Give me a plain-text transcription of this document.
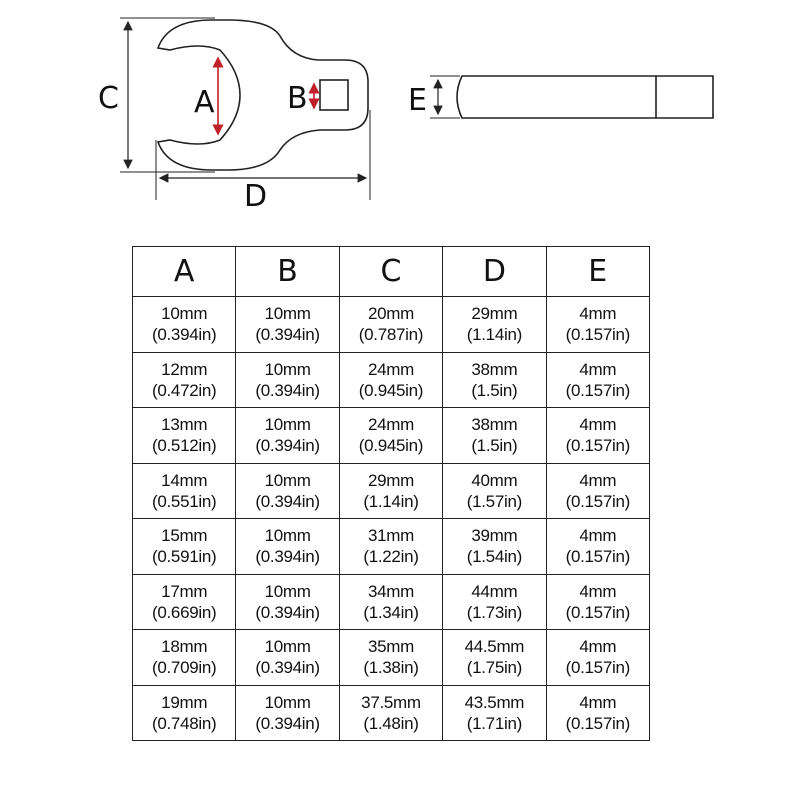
C	A B
D
E
A	B	C	D	E

10mm
(0.394in)	10mm
(0.394in)	20mm
(0.787in)	29mm
(1.14in)	4mm
(0.157in)

12mm
(0.472in)	10mm
(0.394in)	24mm
(0.945in)	38mm
(1.5in)	4mm
(0.157in)

13mm
(0.512in)	10mm
(0.394in)	24mm
(0.945in)	38mm
(1.5in)	4mm
(0.157in)

14mm
(0.551in)	10mm
(0.394in)	29mm
(1.14in)	40mm
(1.57in)	4mm
(0.157in)

15mm
(0.591in)	10mm
(0.394in)	31mm
(1.22in)	39mm
(1.54in)	4mm
(0.157in)

17mm
(0.669in)	10mm
(0.394in)	34mm
(1.34in)	44mm
(1.73in)	4mm
(0.157in)

18mm
(0.709in)	10mm
(0.394in)	35mm
(1.38in)	44.5mm
(1.75in)	4mm
(0.157in)

19mm
(0.748in)	10mm
(0.394in)	37.5mm
(1.48in)	43.5mm
(1.71in)	4mm
(0.157in)
